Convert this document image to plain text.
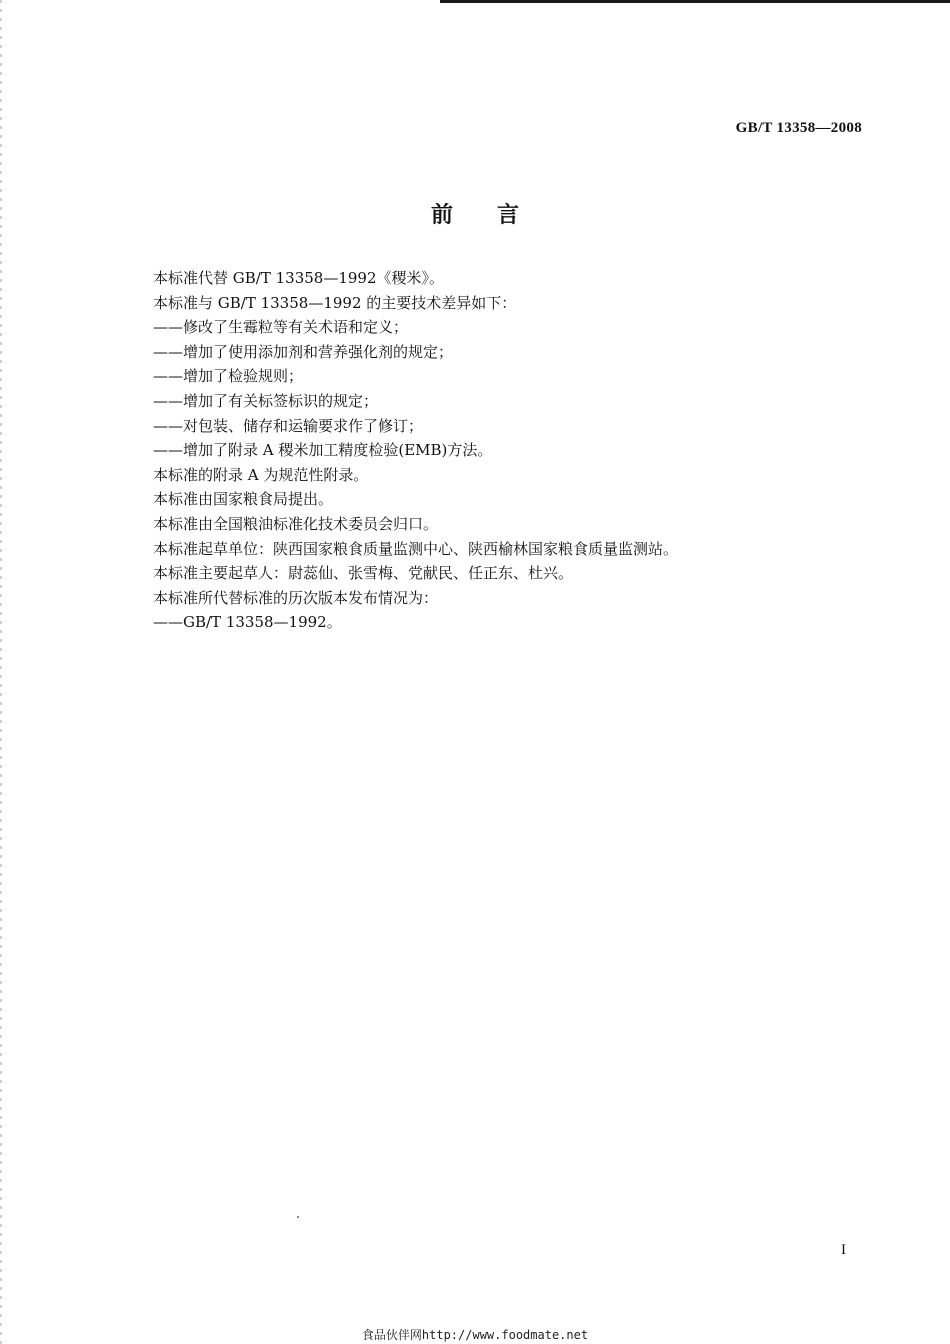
GB/T 13358—2008
前言
本标准代替 GB/T 13358—1992《稷米》。
本标准与 GB/T 13358—1992 的主要技术差异如下：
——修改了生霉粒等有关术语和定义；
——增加了使用添加剂和营养强化剂的规定；
——增加了检验规则；
——增加了有关标签标识的规定；
——对包装、储存和运输要求作了修订；
——增加了附录 A 稷米加工精度检验(EMB)方法。
本标准的附录 A 为规范性附录。
本标准由国家粮食局提出。
本标准由全国粮油标准化技术委员会归口。
本标准起草单位：陕西国家粮食质量监测中心、陕西榆林国家粮食质量监测站。
本标准主要起草人：尉蕊仙、张雪梅、党献民、任正东、杜兴。
本标准所代替标准的历次版本发布情况为：
——GB/T 13358—1992。
I
食品伙伴网http://www.foodmate.net
